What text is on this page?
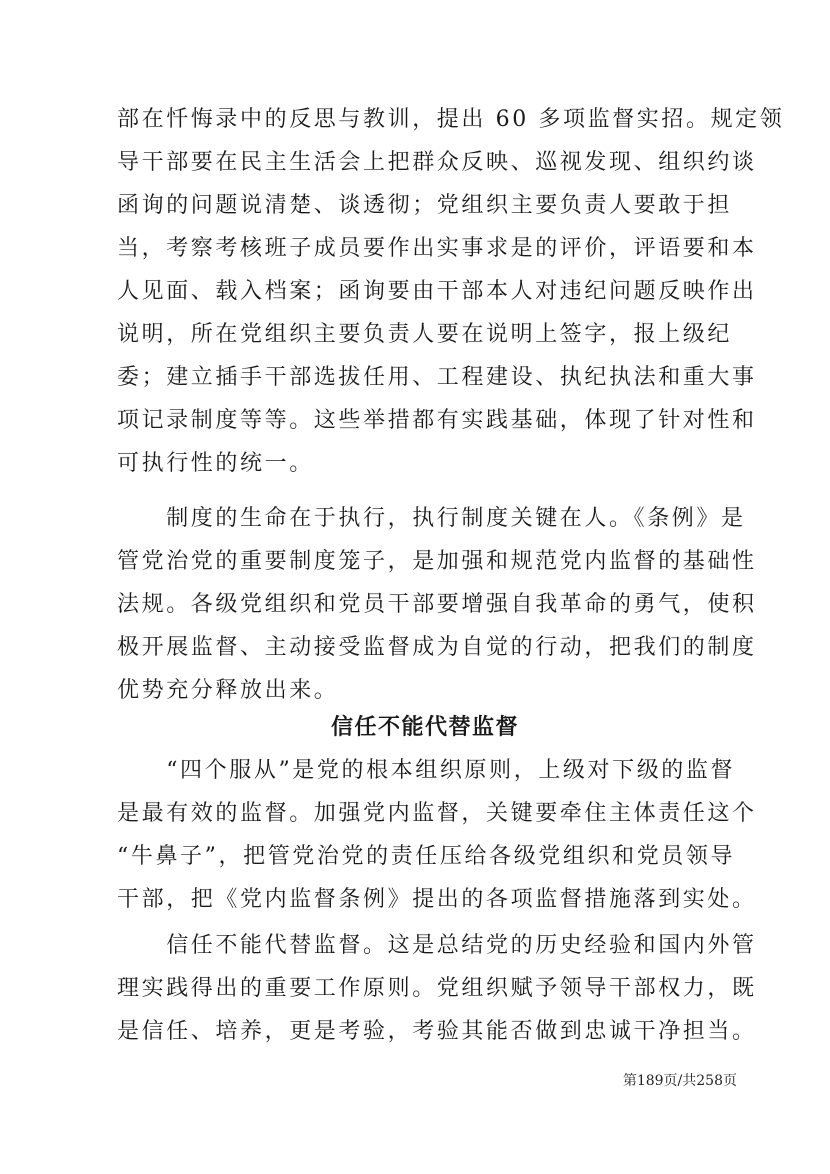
部在忏悔录中的反思与教训，提出 60 多项监督实招。规定领
导干部要在民主生活会上把群众反映、巡视发现、组织约谈
函询的问题说清楚、谈透彻；党组织主要负责人要敢于担
当，考察考核班子成员要作出实事求是的评价，评语要和本
人见面、载入档案；函询要由干部本人对违纪问题反映作出
说明，所在党组织主要负责人要在说明上签字，报上级纪
委；建立插手干部选拔任用、工程建设、执纪执法和重大事
项记录制度等等。这些举措都有实践基础，体现了针对性和
可执行性的统一。
　　制度的生命在于执行，执行制度关键在人。《条例》是
管党治党的重要制度笼子，是加强和规范党内监督的基础性
法规。各级党组织和党员干部要增强自我革命的勇气，使积
极开展监督、主动接受监督成为自觉的行动，把我们的制度
优势充分释放出来。
信任不能代替监督
　　“四个服从”是党的根本组织原则，上级对下级的监督
是最有效的监督。加强党内监督，关键要牵住主体责任这个
“牛鼻子”，把管党治党的责任压给各级党组织和党员领导
干部，把《党内监督条例》提出的各项监督措施落到实处。
　　信任不能代替监督。这是总结党的历史经验和国内外管
理实践得出的重要工作原则。党组织赋予领导干部权力，既
是信任、培养，更是考验，考验其能否做到忠诚干净担当。
第189页/共258页
